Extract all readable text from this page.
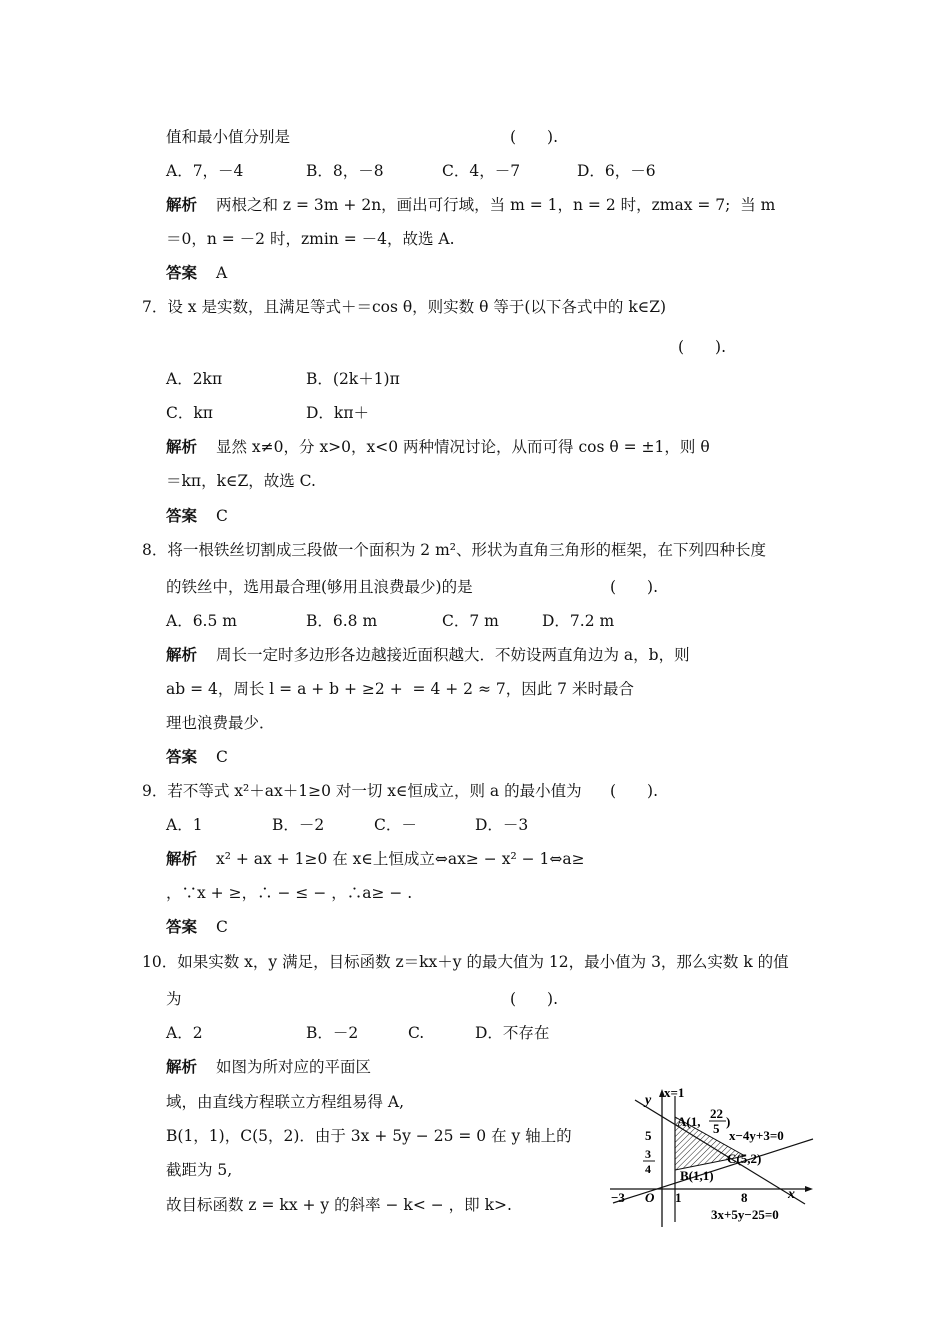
值和最小值分别是	(　　).
A．7，－4	B．8，－8	C．4，－7	D．6，－6
解析 两根之和 z = 3m + 2n，画出可行域，当 m = 1，n = 2 时，zmax = 7;  当 m
＝0，n = －2 时，zmin = －4，故选 A.
答案 A
7．设 x 是实数，且满足等式＋＝cos θ，则实数 θ 等于(以下各式中的 k∈Z)
(　　).
A．2kπ	B．(2k＋1)π
C．kπ	D．kπ＋
解析 显然 x≠0，分 x>0，x<0 两种情况讨论，从而可得 cos θ = ±1，则 θ
＝kπ，k∈Z，故选 C.
答案 C
8．将一根铁丝切割成三段做一个面积为 2 m²、形状为直角三角形的框架，在下列四种长度
的铁丝中，选用最合理(够用且浪费最少)的是	(　　).
A．6.5 m	B．6.8 m	C．7 m	D．7.2 m
解析 周长一定时多边形各边越接近面积越大．不妨设两直角边为 a，b，则
ab = 4，周长 l = a + b + ≥2 +  = 4 + 2 ≈ 7，因此 7 米时最合
理也浪费最少．
答案 C
9．若不等式 x²＋ax＋1≥0 对一切 x∈恒成立，则 a 的最小值为 (　　).
A．1	B．－2	C．－	D．－3
解析 x² + ax + 1≥0 在 x∈上恒成立⇔ax≥ − x² − 1⇔a≥
，∵x + ≥，∴ − ≤ − ，∴a≥ − .
答案 C
10．如果实数 x，y 满足，目标函数 z＝kx＋y 的最大值为 12，最小值为 3，那么实数 k 的值
为	(　　).
A．2	B．－2	C.	D．不存在
解析 如图为所对应的平面区
域，由直线方程联立方程组易得 A,
B(1，1)，C(5，2)．由于 3x + 5y − 25 = 0 在 y 轴上的
截距为 5,
故目标函数 z = kx + y 的斜率 − k< − ，即 k>.
y
x=1
A(1,
22
5 )
x−4y+3=0
5
3
4
C(5,2)
B(1,1)
−3 O 1	8	x
3x+5y−25=0
